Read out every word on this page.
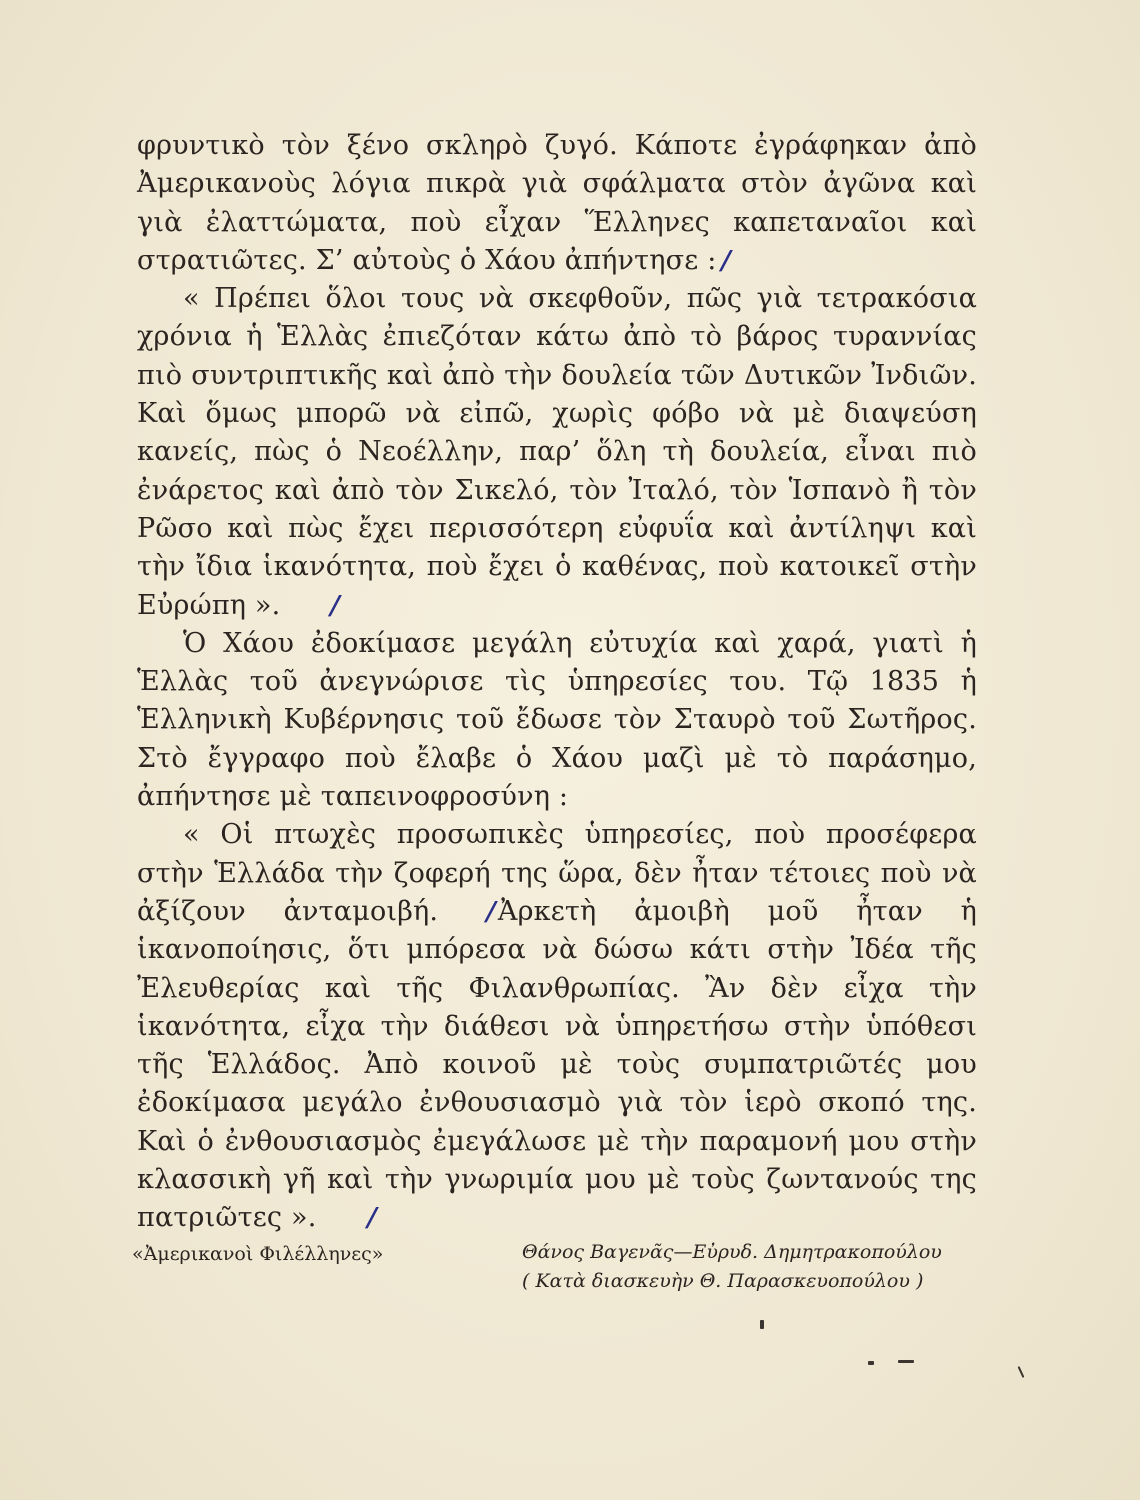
φρυντικὸ τὸν ξένο σκληρὸ ζυγό. Κάποτε ἐγράφηκαν ἀπὸ Ἀμερικανοὺς λόγια πικρὰ γιὰ σφάλματα στὸν ἀγῶνα καὶ γιὰ ἐλαττώματα, ποὺ εἶχαν Ἕλληνες καπεταναῖοι καὶ στρατιῶτες. Σ’ αὐτοὺς ὁ Χάου ἀπήντησε :/

« Πρέπει ὅλοι τους νὰ σκεφθοῦν, πῶς γιὰ τετρακόσια χρόνια ἡ Ἑλλὰς ἐπιεζόταν κάτω ἀπὸ τὸ βάρος τυραννίας πιὸ συντριπτικῆς καὶ ἀπὸ τὴν δουλεία τῶν Δυτικῶν Ἰνδιῶν. Καὶ ὅμως μπορῶ νὰ εἰπῶ, χωρὶς φόβο νὰ μὲ διαψεύση κανείς, πὼς ὁ Νεοέλλην, παρ’ ὅλη τὴ δουλεία, εἶναι πιὸ ἐνάρετος καὶ ἀπὸ τὸν Σικελό, τὸν Ἰταλό, τὸν Ἱσπανὸ ἢ τὸν Ρῶσο καὶ πὼς ἔχει περισσότερη εὐφυΐα καὶ ἀντίληψι καὶ τὴν ἴδια ἱκανότητα, ποὺ ἔχει ὁ καθένας, ποὺ κατοικεῖ στὴν Εὐρώπη ». /

Ὁ Χάου ἐδοκίμασε μεγάλη εὐτυχία καὶ χαρά, γιατὶ ἡ Ἑλλὰς τοῦ ἀνεγνώρισε τὶς ὑπηρεσίες του. Τῷ 1835 ἡ Ἑλληνικὴ Κυβέρνησις τοῦ ἔδωσε τὸν Σταυρὸ τοῦ Σωτῆρος. Στὸ ἔγγραφο ποὺ ἔλαβε ὁ Χάου μαζὶ μὲ τὸ παράσημο, ἀπήντησε μὲ ταπεινοφροσύνη :

« Οἱ πτωχὲς προσωπικὲς ὑπηρεσίες, ποὺ προσέφερα στὴν Ἑλλάδα τὴν ζοφερή της ὥρα, δὲν ἦταν τέτοιες ποὺ νὰ ἀξίζουν ἀνταμοιβή. /Ἀρκετὴ ἀμοιβὴ μοῦ ἦταν ἡ ἱκανοποίησις, ὅτι μπόρεσα νὰ δώσω κάτι στὴν Ἰδέα τῆς Ἐλευθερίας καὶ τῆς Φιλανθρωπίας. Ἂν δὲν εἶχα τὴν ἱκανότητα, εἶχα τὴν διάθεσι νὰ ὑπηρετήσω στὴν ὑπόθεσι τῆς Ἑλλάδος. Ἀπὸ κοινοῦ μὲ τοὺς συμπατριῶτές μου ἐδοκίμασα μεγάλο ἐνθουσιασμὸ γιὰ τὸν ἱερὸ σκοπό της. Καὶ ὁ ἐνθουσιασμὸς ἐμεγάλωσε μὲ τὴν παραμονή μου στὴν κλασσικὴ γῆ καὶ τὴν γνωριμία μου μὲ τοὺς ζωντανούς της πατριῶτες ». /

«Ἀμερικανοὶ Φιλέλληνες»	Θάνος Βαγενᾶς—Εὐρυδ. Δημητρακοπούλου
( Κατὰ διασκευὴν Θ. Παρασκευοπούλου )
